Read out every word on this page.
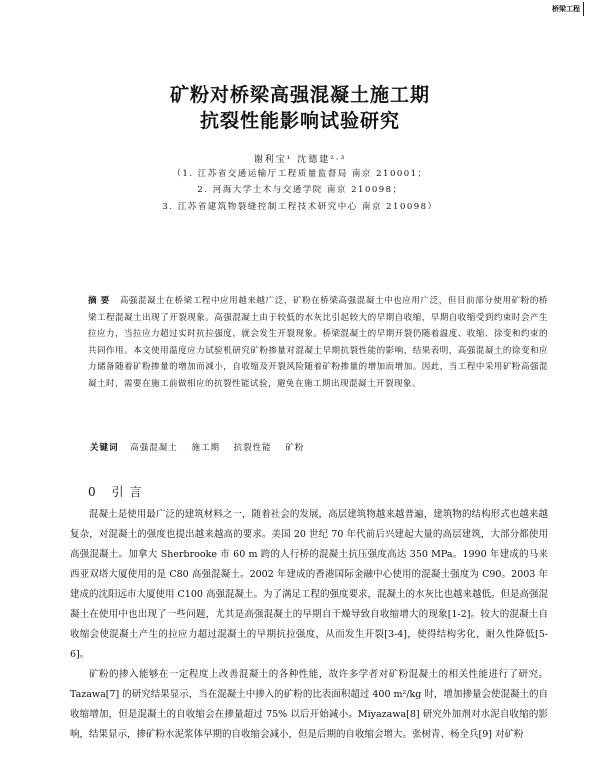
桥梁工程
矿粉对桥梁高强混凝土施工期
抗裂性能影响试验研究
谢利宝¹ 沈德建²·³
（1. 江苏省交通运输厅工程质量监督局 南京 210001；
2. 河海大学土木与交通学院 南京 210098；
3. 江苏省建筑物裂缝控制工程技术研究中心 南京 210098）
摘 要 高强混凝土在桥梁工程中应用越来越广泛，矿粉在桥梁高强混凝土中也应用广泛，但目前部分使用矿粉的桥梁工程混凝土出现了开裂现象。高强混凝土由于较低的水灰比引起较大的早期自收缩，早期自收缩受到约束时会产生拉应力，当拉应力超过实时抗拉强度，就会发生开裂现象。桥梁混凝土的早期开裂仍随着温度、收缩、徐变和约束的共同作用。本文使用温度应力试验机研究矿粉掺量对混凝土早期抗裂性能的影响，结果表明，高强混凝土的徐变和应力储备随着矿粉掺量的增加而减小，自收缩及开裂风险随着矿粉掺量的增加而增加。因此，当工程中采用矿粉高强混凝土时，需要在施工前做相应的抗裂性能试验，避免在施工期出现混凝土开裂现象。
关键词 高强混凝土 施工期 抗裂性能 矿粉
0 引言

混凝土是使用最广泛的建筑材料之一，随着社会的发展，高层建筑物越来越普遍，建筑物的结构形式也越来越复杂，对混凝土的强度也提出越来越高的要求。美国 20 世纪 70 年代前后兴建起大量的高层建筑，大部分都使用高强混凝土。加拿大 Sherbrooke 市 60 m 跨的人行桥的混凝土抗压强度高达 350 MPa。1990 年建成的马来西亚双塔大厦使用的是 C80 高强混凝土。2002 年建成的香港国际金融中心使用的混凝土强度为 C90。2003 年建成的沈阳远市大厦使用 C100 高强混凝土。为了满足工程的强度要求，混凝土的水灰比也越来越低。但是高强混凝土在使用中也出现了一些问题，尤其是高强混凝土的早期自干燥导致自收缩增大的现象[1-2]。较大的混凝土自收缩会使混凝土产生的拉应力超过混凝土的早期抗拉强度，从而发生开裂[3-4]，使得结构劣化，耐久性降低[5-6]。

矿粉的掺入能够在一定程度上改善混凝土的各种性能，故许多学者对矿粉混凝土的相关性能进行了研究。Tazawa[7] 的研究结果显示，当在混凝土中掺入的矿粉的比表面积超过 400 m²/kg 时，增加掺量会使混凝土的自收缩增加，但是混凝土的自收缩会在掺量超过 75% 以后开始减小。Miyazawa[8] 研究外加剂对水泥自收缩的影响，结果显示，掺矿粉水泥浆体早期的自收缩会减小，但是后期的自收缩会增大。张树青、杨全兵[9] 对矿粉
